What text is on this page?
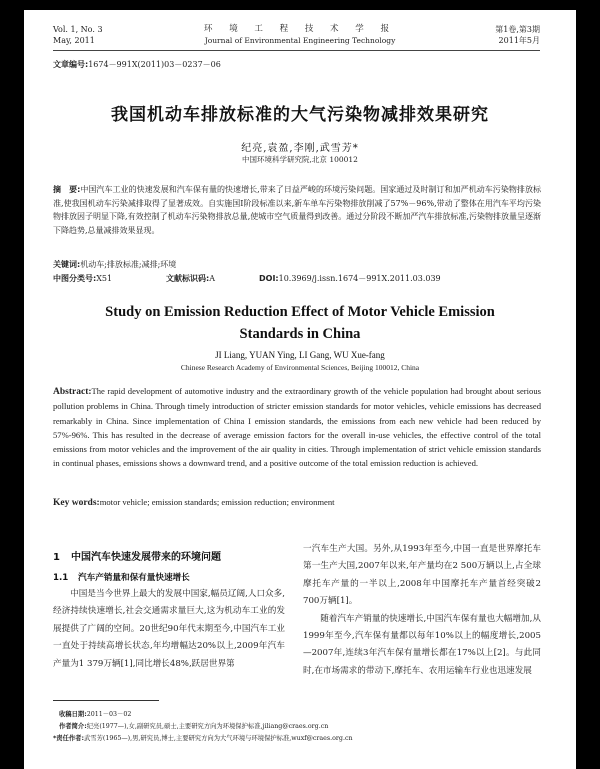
Vol. 1, No. 3
May, 2011
环 境 工 程 技 术 学 报
Journal of Environmental Engineering Technology
第1卷,第3期
2011年5月
文章编号:1674－991X(2011)03－0237－06
我国机动车排放标准的大气污染物减排效果研究
纪亮,袁盈,李刚,武雪芳*
中国环境科学研究院,北京 100012
摘　要:中国汽车工业的快速发展和汽车保有量的快速增长,带来了日益严峻的环境污染问题。国家通过及时制订和加严机动车污染物排放标准,使我国机动车污染减排取得了显著成效。自实施国Ⅰ阶段标准以来,新车单车污染物排放削减了57%－96%,带动了整体在用汽车平均污染物排放因子明显下降,有效控制了机动车污染物排放总量,使城市空气质量得到改善。通过分阶段不断加严汽车排放标准,污染物排放量呈逐渐下降趋势,总量减排效果显现。
关键词:机动车;排放标准;减排;环境
中图分类号:X51	文献标识码:A	DOI:10.3969/j.issn.1674－991X.2011.03.039
Study on Emission Reduction Effect of Motor Vehicle Emission
Standards in China
JI Liang, YUAN Ying, LI Gang, WU Xue-fang
Chinese Research Academy of Environmental Sciences, Beijing 100012, China
Abstract:The rapid development of automotive industry and the extraordinary growth of the vehicle population had brought about serious pollution problems in China. Through timely introduction of stricter emission standards for motor vehicles, vehicle emissions has decreased remarkably in China. Since implementation of China I emission standards, the emissions from each new vehicle had been reduced by 57%-96%. This has resulted in the decrease of average emission factors for the overall in-use vehicles, the effective control of the total emissions from motor vehicles and the improvement of the air quality in cities. Through implementation of strict vehicle emission standards in continual phases, emissions shows a downward trend, and a positive outcome of the total emission reduction is achieved.
Key words:motor vehicle; emission standards; emission reduction; environment
1 中国汽车快速发展带来的环境问题
1.1 汽车产销量和保有量快速增长

中国是当今世界上最大的发展中国家,幅员辽阔,人口众多,经济持续快速增长,社会交通需求量巨大,这为机动车工业的发展提供了广阔的空间。20世纪90年代末期至今,中国汽车工业一直处于持续高增长状态,年均增幅达20%以上,2009年汽车产量为1 379万辆[1],同比增长48%,跃居世界第

一汽车生产大国。另外,从1993年至今,中国一直是世界摩托车第一生产大国,2007年以来,年产量均在2 500万辆以上,占全球摩托车产量的一半以上,2008年中国摩托车产量首经突破2 700万辆[1]。

随着汽车产销量的快速增长,中国汽车保有量也大幅增加,从1999年至今,汽车保有量都以每年10%以上的幅度增长,2005—2007年,连续3年汽车保有量增长都在17%以上[2]。与此同时,在市场需求的带动下,摩托车、农用运输车行业也迅速发展

收稿日期:2011－03－02
作者简介:纪亮(1977—),女,副研究员,硕士,主要研究方向为环境保护标准,jiliang@craes.org.cn
*责任作者:武雪芳(1965—),男,研究员,博士,主要研究方向为大气环境与环境保护标准,wuxf@craes.org.cn
